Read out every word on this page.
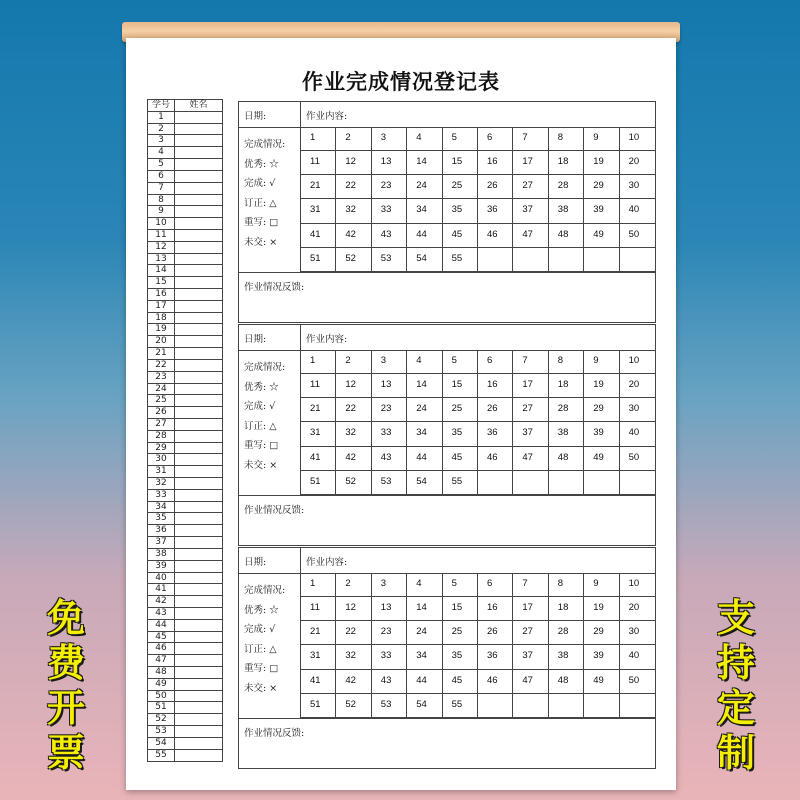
作业完成情况登记表
学号	姓名
1
2
3
4
5
6
7
8
9
10
11
12
13
14
15
16
17
18
19
20
21
22
23
24
25
26
27
28
29
30
31
32
33
34
35
36
37
38
39
40
41
42
43
44
45
46
47
48
49
50
51
52
53
54
55
日期:	作业内容:
完成情况:
优秀: ☆
完成: √
订正: △
重写: □
未交: ×
1	2	3	4	5	6	7	8	9	10
11	12	13	14	15	16	17	18	19	20
21	22	23	24	25	26	27	28	29	30
31	32	33	34	35	36	37	38	39	40
41	42	43	44	45	46	47	48	49	50
51	52	53	54	55
作业情况反馈:
日期:	作业内容:
完成情况:
优秀: ☆
完成: √
订正: △
重写: □
未交: ×
1	2	3	4	5	6	7	8	9	10
11	12	13	14	15	16	17	18	19	20
21	22	23	24	25	26	27	28	29	30
31	32	33	34	35	36	37	38	39	40
41	42	43	44	45	46	47	48	49	50
51	52	53	54	55
作业情况反馈:
日期:	作业内容:
完成情况:
优秀: ☆
完成: √
订正: △
重写: □
未交: ×
1	2	3	4	5	6	7	8	9	10
11	12	13	14	15	16	17	18	19	20
21	22	23	24	25	26	27	28	29	30
31	32	33	34	35	36	37	38	39	40
41	42	43	44	45	46	47	48	49	50
51	52	53	54	55
作业情况反馈:
免费开票
支持定制
